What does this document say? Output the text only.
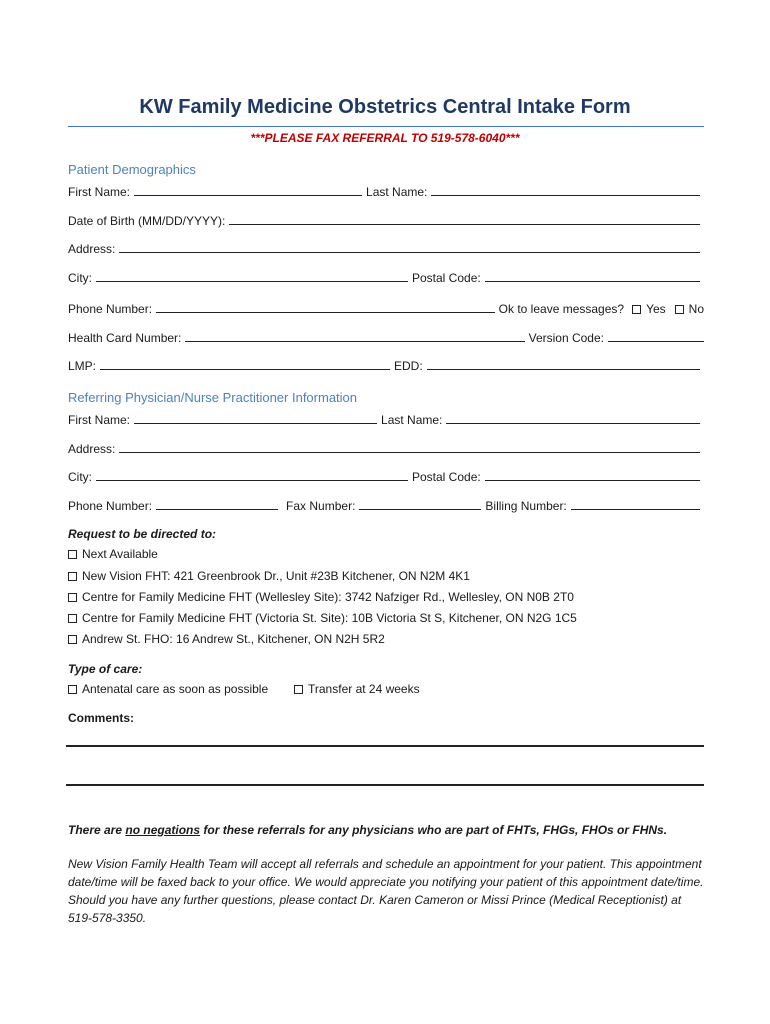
KW Family Medicine Obstetrics Central Intake Form
***PLEASE FAX REFERRAL TO 519-578-6040***
Patient Demographics
First Name:	Last Name:
Date of Birth (MM/DD/YYYY):
Address:
City:	Postal Code:
Phone Number:	Ok to leave messages?	Yes	No
Health Card Number:	Version Code:
LMP:	EDD:
Referring Physician/Nurse Practitioner Information
First Name:	Last Name:
Address:
City:	Postal Code:
Phone Number:	Fax Number:	Billing Number:
Request to be directed to:
Next Available
New Vision FHT: 421 Greenbrook Dr., Unit #23B Kitchener, ON N2M 4K1
Centre for Family Medicine FHT (Wellesley Site): 3742 Nafziger Rd., Wellesley, ON N0B 2T0
Centre for Family Medicine FHT (Victoria St. Site): 10B Victoria St S, Kitchener, ON N2G 1C5
Andrew St. FHO: 16 Andrew St., Kitchener, ON N2H 5R2
Type of care:
Antenatal care as soon as possible	Transfer at 24 weeks
Comments:
There are no negations for these referrals for any physicians who are part of FHTs, FHGs, FHOs or FHNs.
New Vision Family Health Team will accept all referrals and schedule an appointment for your patient. This appointment date/time will be faxed back to your office. We would appreciate you notifying your patient of this appointment date/time. Should you have any further questions, please contact Dr. Karen Cameron or Missi Prince (Medical Receptionist) at 519-578-3350.
